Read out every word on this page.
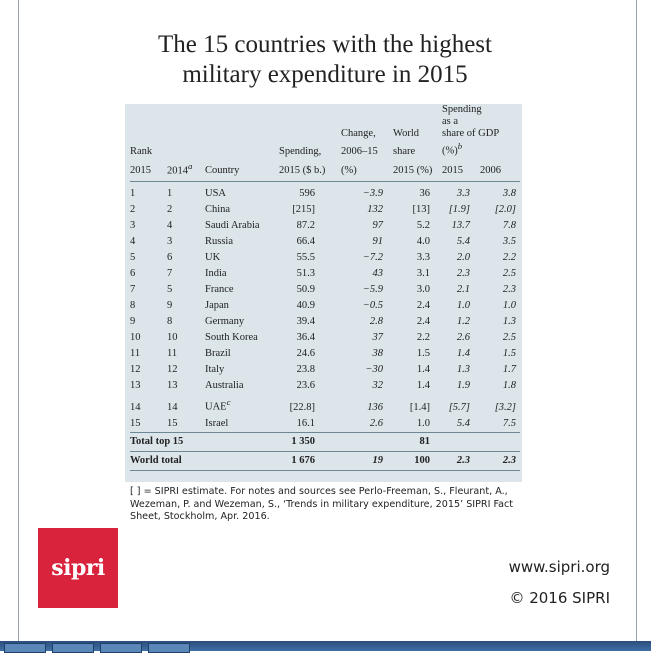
The 15 countries with the highest
military expenditure in 2015
						Spending	
						as a	
				Change,	World	share of GDP	
Rank			Spending,	2006–15	share	(%)$^b$
2015	2014$^a$	Country	2015 ($ b.)	(%)	2015 (%)	2015	2006
1	1	USA	596	−3.9	36	3.3	3.8
2	2	China	[215]	132	[13]	[1.9]	[2.0]
3	4	Saudi Arabia	87.2	97	5.2	13.7	7.8
4	3	Russia	66.4	91	4.0	5.4	3.5
5	6	UK	55.5	−7.2	3.3	2.0	2.2
6	7	India	51.3	43	3.1	2.3	2.5
7	5	France	50.9	−5.9	3.0	2.1	2.3
8	9	Japan	40.9	−0.5	2.4	1.0	1.0
9	8	Germany	39.4	2.8	2.4	1.2	1.3
10	10	South Korea	36.4	37	2.2	2.6	2.5
11	11	Brazil	24.6	38	1.5	1.4	1.5
12	12	Italy	23.8	−30	1.4	1.3	1.7
13	13	Australia	23.6	32	1.4	1.9	1.8
14	14	UAE$^c$	[22.8]	136	[1.4]	[5.7]	[3.2]
15	15	Israel	16.1	2.6	1.0	5.4	7.5
Total top 15			1 350		81		
World total			1 676	19	100	2.3	2.3
[ ] = SIPRI estimate. For notes and sources see Perlo-Freeman, S., Fleurant, A., Wezeman, P. and Wezeman, S., ‘Trends in military expenditure, 2015’ SIPRI Fact Sheet, Stockholm, Apr. 2016.
sipri	www.sipri.org
© 2016 SIPRI
